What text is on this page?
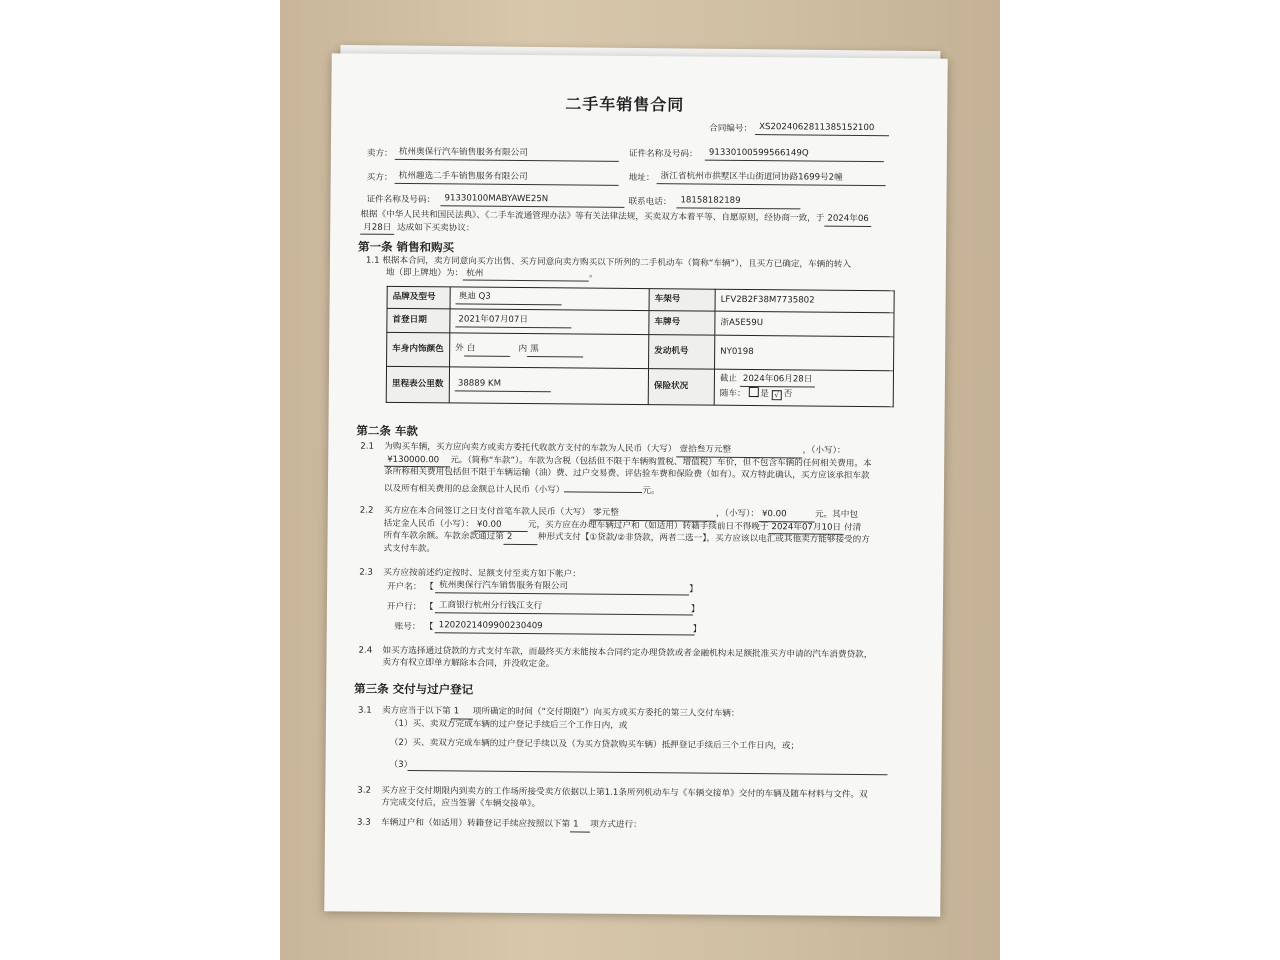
二手车销售合同
合同编号： XS20240628113851521​00
卖方： 杭州奥保行汽车销售服务有限公司	证件名称及号码：	91330100599566149Q
买方： 杭州趣选二手车销售服务有限公司	地址： 浙江省杭州市拱墅区半山街道同协路1699号2幢
证件名称及号码：	91330100MABYAWE25N	联系电话：	18158182189
根据《中华人民共和国民法典》、《二手车流通管理办法》等有关法律法规，买卖双方本着平等、自愿原则，经协商一致，于 2024年06
月28日 达成如下买卖协议：
第一条 销售和购买
1.1 根据本合同，卖方同意向买方出售、买方同意向卖方购买以下所列的二手机动车（简称“车辆”），且买方已确定，车辆的转入
地（即上牌地）为： 杭州	。
品牌及型号	奥迪 Q3	车架号	LFV2B2F38M7735802
首登日期	2021年07月07日	车牌号	浙A5E59U
车身内饰颜色	外 白 内 黑	发动机号	NY0198
里程表公里数	38889 KM	保险状况	截止 2024年06月28日
随车： 是 √ 否
第二条 车款
2.1 为购买车辆，买方应向卖方或卖方委托代收款方支付的车款为人民币（大写） 壹拾叁万元整	，（小写）：
¥130000.00 元。（简称“车款”）。车款为含税（包括但不限于车辆购置税、增值税）车价，但不包含车辆的任何相关费用。本
条所称相关费用包括但不限于车辆运输（油）费、过户交易费、评估验车费和保险费（如有）。双方特此确认，买方应该承担车款
以及所有相关费用的总金额总计人民币（小写）	元。
2.2 买方应在本合同签订之日支付首笔车款人民币（大写） 零元整	，（小写）： ¥0.00	元。其中包
括定金人民币（小写）： ¥0.00	元，买方应在办理车辆过户和（如适用）转籍手续前日不得晚于 2024年07月10日 付清
所有车款余额。车款余款通过第 2	种形式支付【①贷款/②非贷款，两者二选一】，买方应该以电汇或其他卖方能够接受的方
式支付车款。
2.3 买方应按前述约定按时、足额支付至卖方如下帐户：
开户名： 【 杭州奥保行汽车销售服务有限公司	】
开户行： 【 工商银行杭州分行钱江支行	】
账号： 【 1202021409900230409	】
2.4 如买方选择通过贷款的方式支付车款，而最终买方未能按本合同约定办理贷款或者金融机构未足额批准买方申请的汽车消费贷款，
卖方有权立即单方解除本合同，并没收定金。
第三条 交付与过户登记
3.1 卖方应当于以下第 1 项所确定的时间（“交付期限”）向买方或买方委托的第三人交付车辆：
（1）买、卖双方完成车辆的过户登记手续后三个工作日内，或
（2）买、卖双方完成车辆的过户登记手续以及（为买方贷款购买车辆）抵押登记手续后三个工作日内，或；
（3）
3.2 买方应于交付期限内到卖方的工作场所接受卖方依据以上第1.1条所列机动车与《车辆交接单》交付的车辆及随车材料与文件。双
方完成交付后，应当签署《车辆交接单》。
3.3 车辆过户和（如适用）转籍登记手续应按照以下第 1 项方式进行：
